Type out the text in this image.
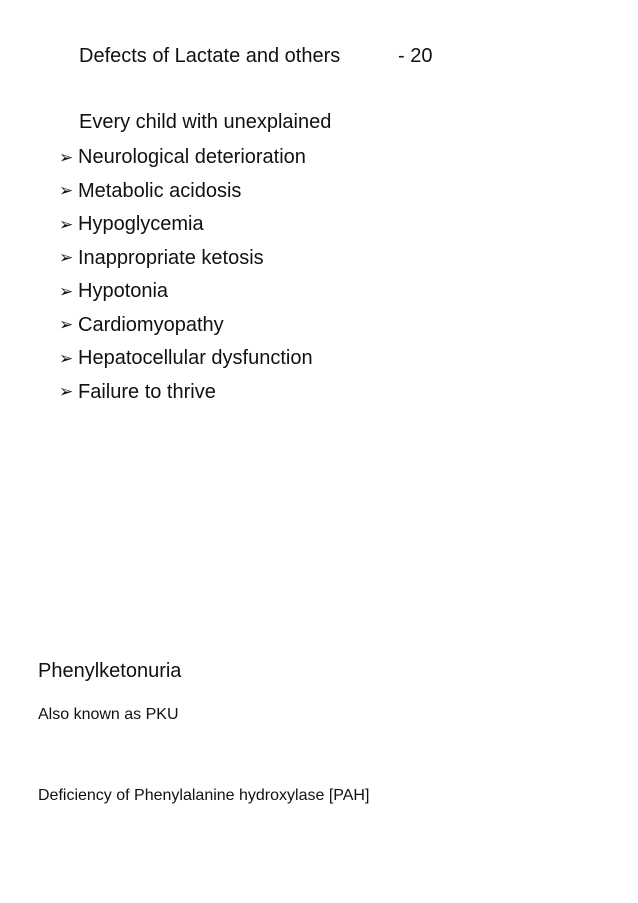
Defects of Lactate and others	- 20
Every child with unexplained
➢ Neurological deterioration
➢ Metabolic acidosis
➢ Hypoglycemia
➢ Inappropriate ketosis
➢ Hypotonia
➢ Cardiomyopathy
➢ Hepatocellular dysfunction
➢ Failure to thrive
Phenylketonuria
Also known as PKU
Deficiency of Phenylalanine hydroxylase [PAH]
